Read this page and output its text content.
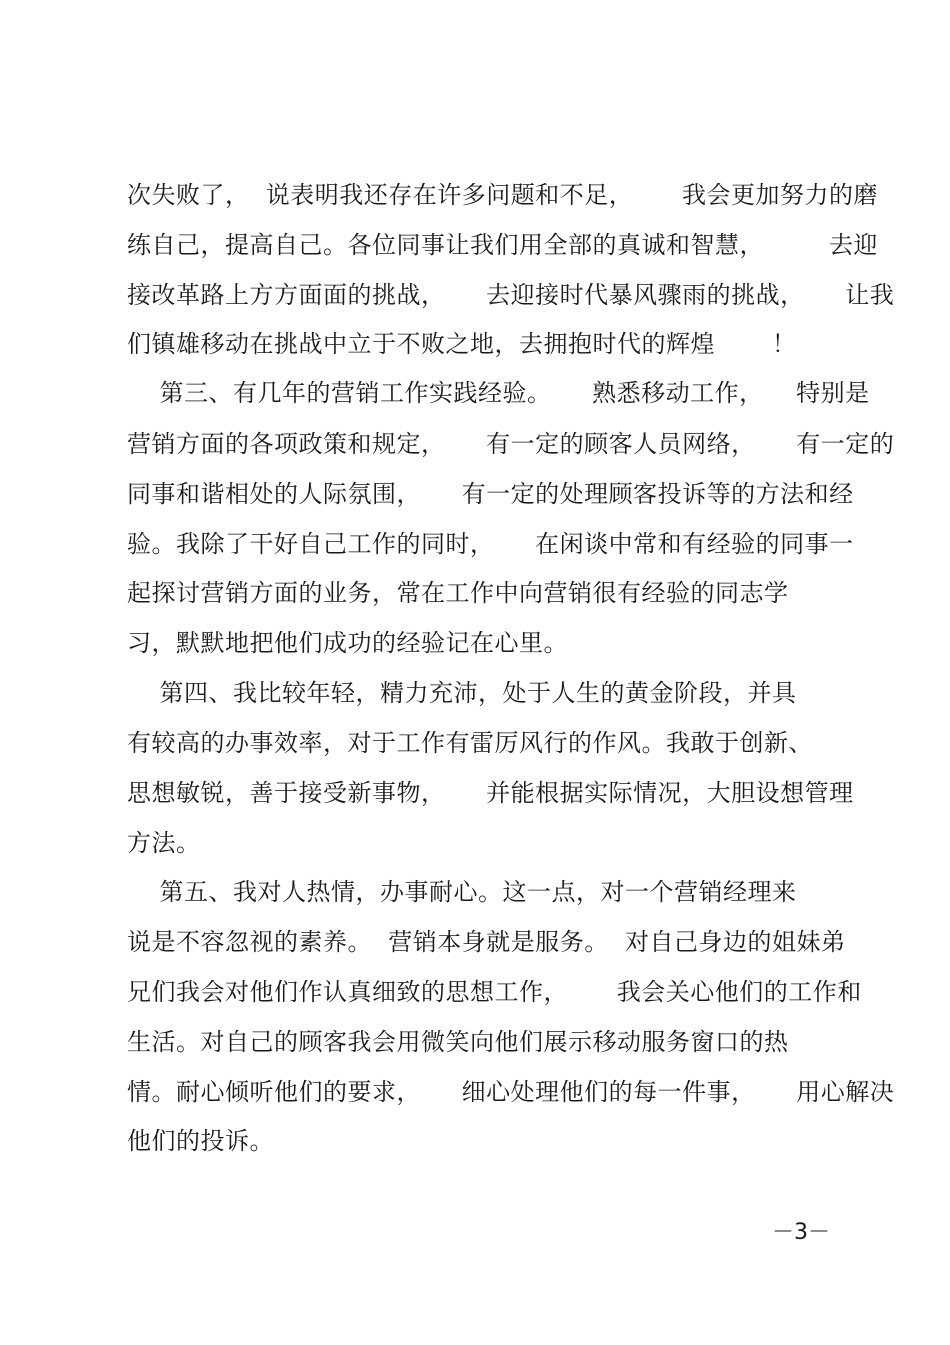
次失败了，  说表明我还存在许多问题和不足，      我会更加努力的磨
练自己，提高自己。各位同事让我们用全部的真诚和智慧，        去迎
接改革路上方方面面的挑战，     去迎接时代暴风骤雨的挑战，     让我
们镇雄移动在挑战中立于不败之地，去拥抱时代的辉煌       ！
第三、有几年的营销工作实践经验。     熟悉移动工作，    特别是
营销方面的各项政策和规定，     有一定的顾客人员网络，     有一定的
同事和谐相处的人际氛围，     有一定的处理顾客投诉等的方法和经
验。我除了干好自己工作的同时，     在闲谈中常和有经验的同事一
起探讨营销方面的业务，常在工作中向营销很有经验的同志学
习，默默地把他们成功的经验记在心里。
第四、我比较年轻，精力充沛，处于人生的黄金阶段，并具
有较高的办事效率，对于工作有雷厉风行的作风。我敢于创新、
思想敏锐，善于接受新事物，     并能根据实际情况，大胆设想管理
方法。
第五、我对人热情，办事耐心。这一点，对一个营销经理来
说是不容忽视的素养。  营销本身就是服务。  对自己身边的姐妹弟
兄们我会对他们作认真细致的思想工作，      我会关心他们的工作和
生活。对自己的顾客我会用微笑向他们展示移动服务窗口的热
情。耐心倾听他们的要求，     细心处理他们的每一件事，     用心解决
他们的投诉。
－3－
